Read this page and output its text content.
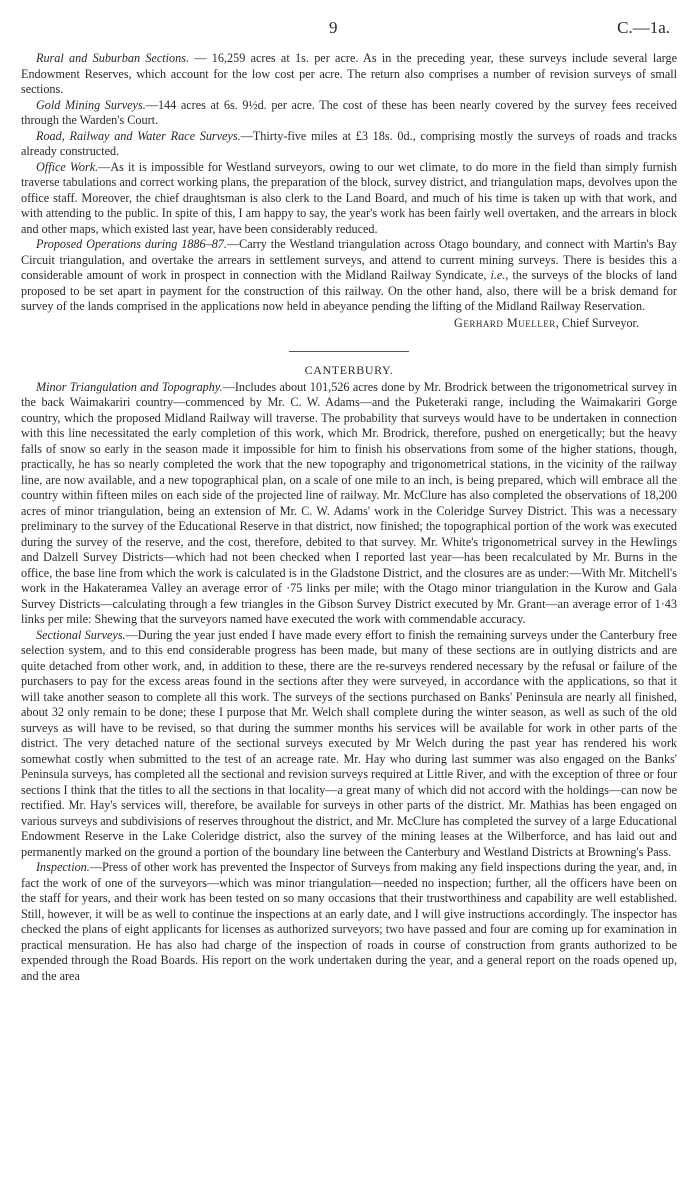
9	C.—1a.

Rural and Suburban Sections. — 16,259 acres at 1s. per acre. As in the preceding year, these surveys include several large Endowment Reserves, which account for the low cost per acre. The return also comprises a number of revision surveys of small sections.

Gold Mining Surveys.—144 acres at 6s. 9½d. per acre. The cost of these has been nearly covered by the survey fees received through the Warden's Court.

Road, Railway and Water Race Surveys.—Thirty-five miles at £3 18s. 0d., comprising mostly the surveys of roads and tracks already constructed.

Office Work.—As it is impossible for Westland surveyors, owing to our wet climate, to do more in the field than simply furnish traverse tabulations and correct working plans, the preparation of the block, survey district, and triangulation maps, devolves upon the office staff. Moreover, the chief draughtsman is also clerk to the Land Board, and much of his time is taken up with that work, and with attending to the public. In spite of this, I am happy to say, the year's work has been fairly well overtaken, and the arrears in block and other maps, which existed last year, have been considerably reduced.

Proposed Operations during 1886–87.—Carry the Westland triangulation across Otago boundary, and connect with Martin's Bay Circuit triangulation, and overtake the arrears in settlement surveys, and attend to current mining surveys. There is besides this a considerable amount of work in prospect in connection with the Midland Railway Syndicate, i.e., the surveys of the blocks of land proposed to be set apart in payment for the construction of this railway. On the other hand, also, there will be a brisk demand for survey of the lands comprised in the applications now held in abeyance pending the lifting of the Midland Railway Reservation.

Gerhard Mueller, Chief Surveyor.
CANTERBURY.

Minor Triangulation and Topography.—Includes about 101,526 acres done by Mr. Brodrick between the trigonometrical survey in the back Waimakariri country—commenced by Mr. C. W. Adams—and the Puketeraki range, including the Waimakariri Gorge country, which the proposed Midland Railway will traverse. The probability that surveys would have to be undertaken in connection with this line necessitated the early completion of this work, which Mr. Brodrick, therefore, pushed on energetically; but the heavy falls of snow so early in the season made it impossible for him to finish his observations from some of the higher stations, though, practically, he has so nearly completed the work that the new topography and trigonometrical stations, in the vicinity of the railway line, are now available, and a new topographical plan, on a scale of one mile to an inch, is being prepared, which will embrace all the country within fifteen miles on each side of the projected line of railway. Mr. McClure has also completed the observations of 18,200 acres of minor triangulation, being an extension of Mr. C. W. Adams' work in the Coleridge Survey District. This was a necessary preliminary to the survey of the Educational Reserve in that district, now finished; the topographical portion of the work was executed during the survey of the reserve, and the cost, therefore, debited to that survey. Mr. White's trigonometrical survey in the Hewlings and Dalzell Survey Districts—which had not been checked when I reported last year—has been recalculated by Mr. Burns in the office, the base line from which the work is calculated is in the Gladstone District, and the closures are as under:—With Mr. Mitchell's work in the Hakateramea Valley an average error of ·75 links per mile; with the Otago minor triangulation in the Kurow and Gala Survey Districts—calculating through a few triangles in the Gibson Survey District executed by Mr. Grant—an average error of 1·43 links per mile: Shewing that the surveyors named have executed the work with commendable accuracy.

Sectional Surveys.—During the year just ended I have made every effort to finish the remaining surveys under the Canterbury free selection system, and to this end considerable progress has been made, but many of these sections are in outlying districts and are quite detached from other work, and, in addition to these, there are the re-surveys rendered necessary by the refusal or failure of the purchasers to pay for the excess areas found in the sections after they were surveyed, in accordance with the applications, so that it will take another season to complete all this work. The surveys of the sections purchased on Banks' Peninsula are nearly all finished, about 32 only remain to be done; these I purpose that Mr. Welch shall complete during the winter season, as well as such of the old surveys as will have to be revised, so that during the summer months his services will be available for work in other parts of the district. The very detached nature of the sectional surveys executed by Mr Welch during the past year has rendered his work somewhat costly when submitted to the test of an acreage rate. Mr. Hay who during last summer was also engaged on the Banks' Peninsula surveys, has completed all the sectional and revision surveys required at Little River, and with the exception of three or four sections I think that the titles to all the sections in that locality—a great many of which did not accord with the holdings—can now be rectified. Mr. Hay's services will, therefore, be available for surveys in other parts of the district. Mr. Mathias has been engaged on various surveys and subdivisions of reserves throughout the district, and Mr. McClure has completed the survey of a large Educational Endowment Reserve in the Lake Coleridge district, also the survey of the mining leases at the Wilberforce, and has laid out and permanently marked on the ground a portion of the boundary line between the Canterbury and Westland Districts at Browning's Pass.

Inspection.—Press of other work has prevented the Inspector of Surveys from making any field inspections during the year, and, in fact the work of one of the surveyors—which was minor triangulation—needed no inspection; further, all the officers have been on the staff for years, and their work has been tested on so many occasions that their trustworthiness and capability are well established. Still, however, it will be as well to continue the inspections at an early date, and I will give instructions accordingly. The inspector has checked the plans of eight applicants for licenses as authorized surveyors; two have passed and four are coming up for examination in practical mensuration. He has also had charge of the inspection of roads in course of construction from grants authorized to be expended through the Road Boards. His report on the work undertaken during the year, and a general report on the roads opened up, and the area
